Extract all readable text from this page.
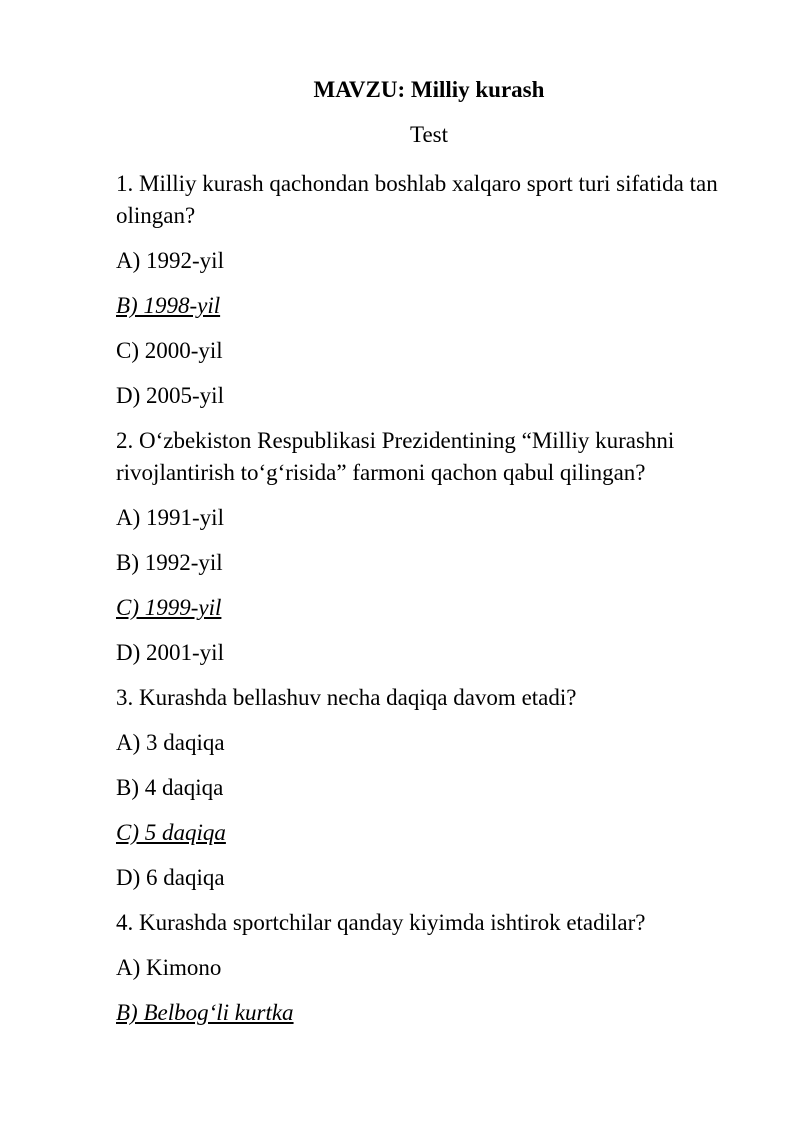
MAVZU: Milliy kurash
Test
1. Milliy kurash qachondan boshlab xalqaro sport turi sifatida tan olingan?
A) 1992-yil
B) 1998-yil
C) 2000-yil
D) 2005-yil
2. O‘zbekiston Respublikasi Prezidentining “Milliy kurashni rivojlantirish to‘g‘risida” farmoni qachon qabul qilingan?
A) 1991-yil
B) 1992-yil
C) 1999-yil
D) 2001-yil
3. Kurashda bellashuv necha daqiqa davom etadi?
A) 3 daqiqa
B) 4 daqiqa
C) 5 daqiqa
D) 6 daqiqa
4. Kurashda sportchilar qanday kiyimda ishtirok etadilar?
A) Kimono
B) Belbog‘li kurtka
